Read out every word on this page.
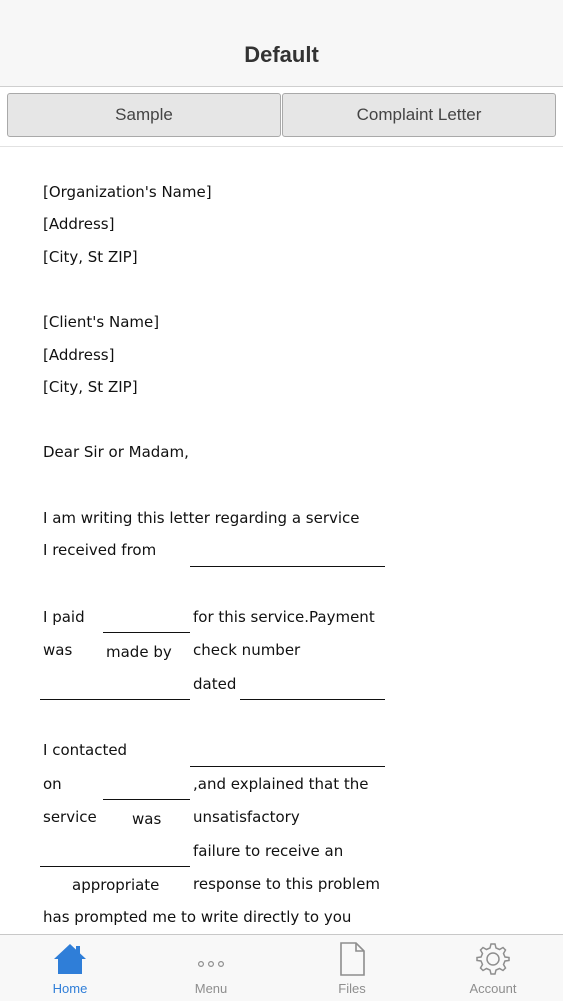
Default
Sample	Complaint Letter
[Organization's Name]
[Address]
[City, St ZIP]
[Client's Name]
[Address]
[City, St ZIP]
Dear Sir or Madam,
I am writing this letter regarding a service
I received from
I paid	for this service.Payment
was made by check number
dated
I contacted
on	,and explained that the
service was unsatisfactory
failure to receive an
appropriate response to this problem
has prompted me to write directly to you
Home	Menu	Files	Account
